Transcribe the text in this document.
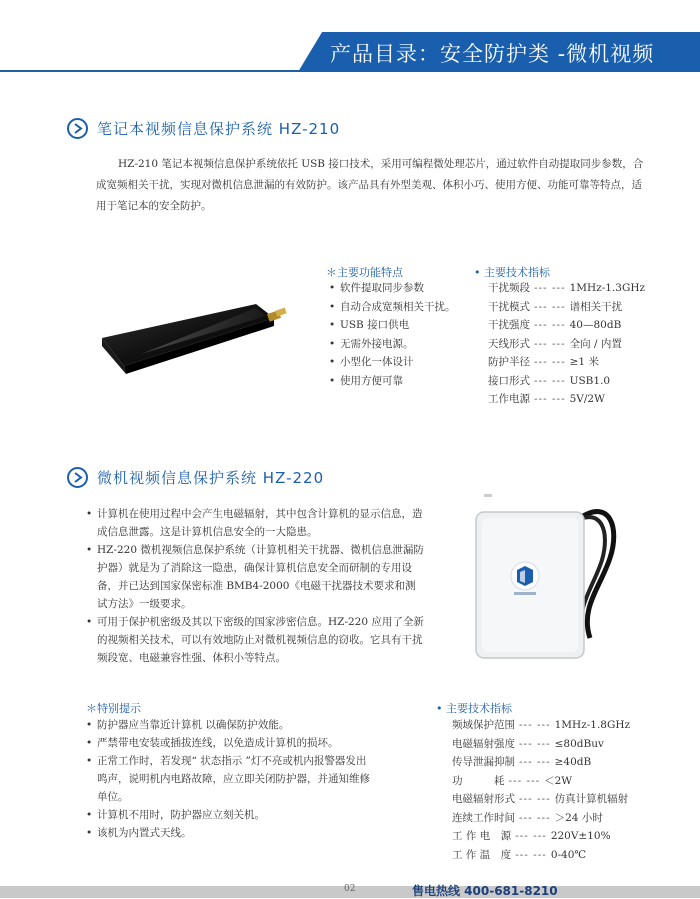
产品目录：安全防护类 -微机视频
笔记本视频信息保护系统 HZ-210
HZ-210 笔记本视频信息保护系统依托 USB 接口技术，采用可编程微处理芯片，通过软件自动提取同步参数，合成宽频相关干扰，实现对微机信息泄漏的有效防护。该产品具有外型美观、体积小巧、使用方便、功能可靠等特点，适用于笔记本的安全防护。
＊主要功能特点
• 软件提取同步参数
• 自动合成宽频相关干扰。
• USB 接口供电
• 无需外接电源。
• 小型化一体设计
• 使用方便可靠
• 主要技术指标
干扰频段 --- --- 1MHz-1.3GHz
干扰模式 --- --- 谱相关干扰
干扰强度 --- --- 40—80dB
天线形式 --- --- 全向 / 内置
防护半径 --- --- ≥1 米
接口形式 --- --- USB1.0
工作电源 --- --- 5V/2W
微机视频信息保护系统 HZ-220
• 计算机在使用过程中会产生电磁辐射，其中包含计算机的显示信息，造成信息泄露。这是计算机信息安全的一大隐患。
• HZ-220 微机视频信息保护系统（计算机相关干扰器、微机信息泄漏防护器）就是为了消除这一隐患，确保计算机信息安全而研制的专用设备，并已达到国家保密标准 BMB4-2000《电磁干扰器技术要求和测试方法》一级要求。
• 可用于保护机密级及其以下密级的国家涉密信息。HZ-220 应用了全新的视频相关技术，可以有效地防止对微机视频信息的窃收。它具有干扰频段宽、电磁兼容性强、体积小等特点。
＊特别提示
• 防护器应当靠近计算机 以确保防护效能。
• 严禁带电安装或插拔连线，以免造成计算机的损坏。
• 正常工作时，若发现“ 状态指示 ”灯不亮或机内报警器发出鸣声，说明机内电路故障，应立即关闭防护器，并通知维修单位。
• 计算机不用时，防护器应立刻关机。
• 该机为内置式天线。
• 主要技术指标
频域保护范围 --- --- 1MHz-1.8GHz
电磁辐射强度 --- --- ≤80dBuv
传导泄漏抑制 --- --- ≥40dB
功　　　耗 --- --- ＜2W
电磁辐射形式 --- --- 仿真计算机辐射
连续工作时间 --- --- ＞24 小时
工 作 电　源 --- --- 220V±10%
工 作 温　度 --- --- 0-40℃
02	售电热线 400-681-8210
